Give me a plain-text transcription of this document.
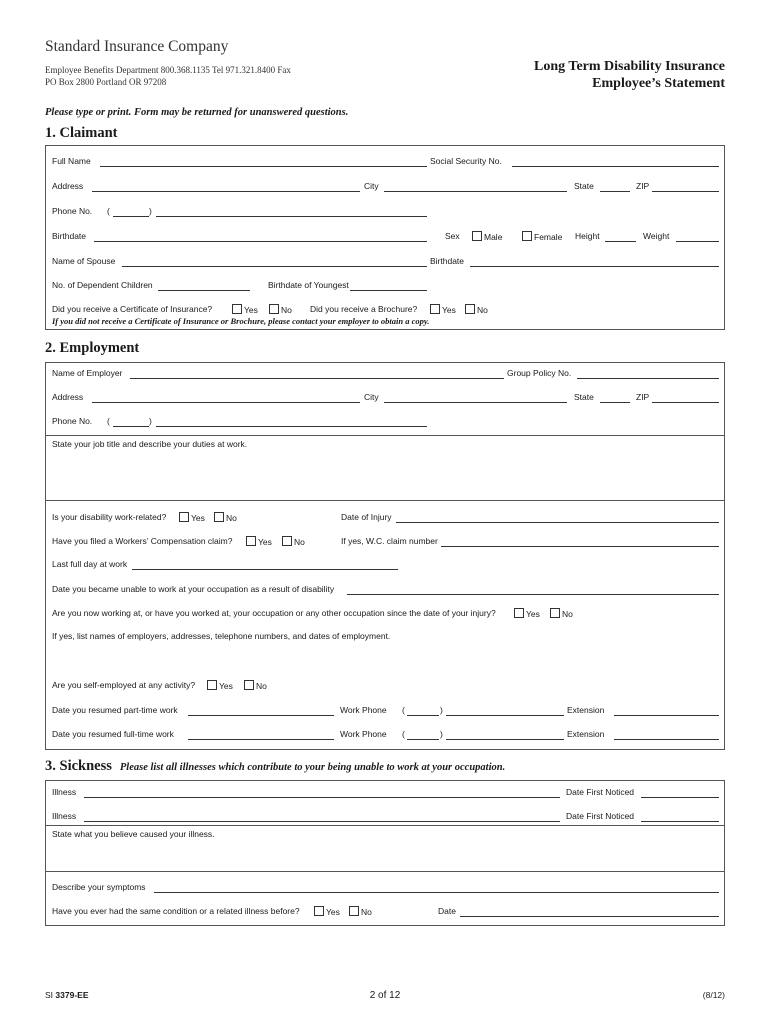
Standard Insurance Company
Employee Benefits Department 800.368.1135 Tel 971.321.8400 Fax
PO Box 2800 Portland OR 97208
Long Term Disability Insurance
Employee’s Statement
Please type or print. Form may be returned for unanswered questions.
1. Claimant
Full Name	Social Security No.
Address	City	State	ZIP
Phone No. (	)
Birthdate	Sex	Male	Female Height	Weight
Name of Spouse	Birthdate
No. of Dependent Children	Birthdate of Youngest
Did you receive a Certificate of Insurance?	Yes	No Did you receive a Brochure?	Yes	No
If you did not receive a Certificate of Insurance or Brochure, please contact your employer to obtain a copy.
2. Employment
Name of Employer	Group Policy No.
Address	City	State	ZIP
Phone No. (	)
State your job title and describe your duties at work.
Is your disability work-related?	Yes	No	Date of Injury
Have you filed a Workers’ Compensation claim?	Yes	No	If yes, W.C. claim number
Last full day at work
Date you became unable to work at your occupation as a result of disability
Are you now working at, or have you worked at, your occupation or any other occupation since the date of your injury?	Yes	No
If yes, list names of employers, addresses, telephone numbers, and dates of employment.
Are you self-employed at any activity?	Yes	No
Date you resumed part-time work	Work Phone (	)	Extension
Date you resumed full-time work	Work Phone (	)	Extension
3. Sickness Please list all illnesses which contribute to your being unable to work at your occupation.
Illness	Date First Noticed
Illness	Date First Noticed
State what you believe caused your illness.
Describe your symptoms
Have you ever had the same condition or a related illness before?	Yes	No	Date
SI 3379-EE	2 of 12	(8/12)
